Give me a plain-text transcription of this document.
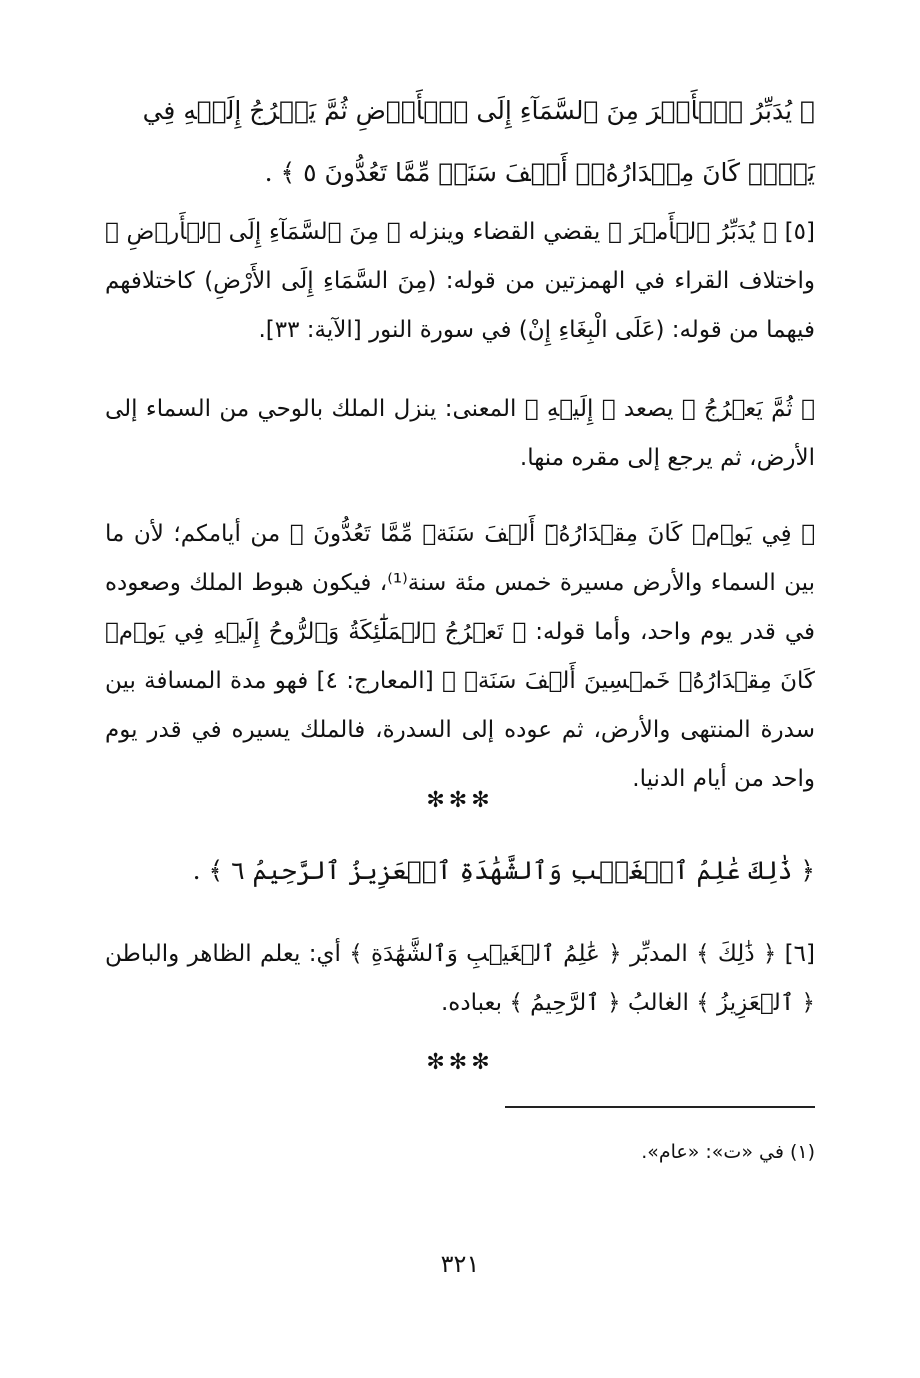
﴿ يُدَبِّرُ ٱلۡأَمۡرَ مِنَ ٱلسَّمَآءِ إِلَى ٱلۡأَرۡضِ ثُمَّ يَعۡرُجُ إِلَيۡهِ فِي يَوۡمٖ كَانَ مِقۡدَارُهُۥٓ أَلۡفَ سَنَةٖ مِّمَّا تَعُدُّونَ ٥ ﴾ .
[٥] ﴿ يُدَبِّرُ ٱلۡأَمۡرَ ﴾ يقضي القضاء وينزله ﴿ مِنَ ٱلسَّمَآءِ إِلَى ٱلۡأَرۡضِ ﴾ واختلاف القراء في الهمزتين من قوله: (مِنَ السَّمَاءِ إِلَى الأَرْضِ) كاختلافهم فيهما من قوله: (عَلَى الْبِغَاءِ إِنْ) في سورة النور [الآية: ٣٣].
﴿ ثُمَّ يَعۡرُجُ ﴾ يصعد ﴿ إِلَيۡهِ ﴾ المعنى: ينزل الملك بالوحي من السماء إلى الأرض، ثم يرجع إلى مقره منها.
﴿ فِي يَوۡمٖ كَانَ مِقۡدَارُهُۥٓ أَلۡفَ سَنَةٖ مِّمَّا تَعُدُّونَ ﴾ من أيامكم؛ لأن ما بين السماء والأرض مسيرة خمس مئة سنة⁽¹⁾، فيكون هبوط الملك وصعوده في قدر يوم واحد، وأما قوله: ﴿ تَعۡرُجُ ٱلۡمَلَٰٓئِكَةُ وَٱلرُّوحُ إِلَيۡهِ فِي يَوۡمٖ كَانَ مِقۡدَارُهُۥ خَمۡسِينَ أَلۡفَ سَنَةٖ ﴾ [المعارج: ٤] فهو مدة المسافة بين سدرة المنتهى والأرض، ثم عوده إلى السدرة، فالملك يسيره في قدر يوم واحد من أيام الدنيا.
✻✻✻
﴿ ذَٰلِكَ عَٰلِمُ ٱلۡغَيۡبِ وَٱلشَّهَٰدَةِ ٱلۡعَزِيزُ ٱلرَّحِيمُ ٦ ﴾ .
[٦] ﴿ ذَٰلِكَ ﴾ المدبِّر ﴿ عَٰلِمُ ٱلۡغَيۡبِ وَٱلشَّهَٰدَةِ ﴾ أي: يعلم الظاهر والباطن ﴿ ٱلۡعَزِيزُ ﴾ الغالبُ ﴿ ٱلرَّحِيمُ ﴾ بعباده.
✻✻✻
(١) في «ت»: «عام».
٣٢١
